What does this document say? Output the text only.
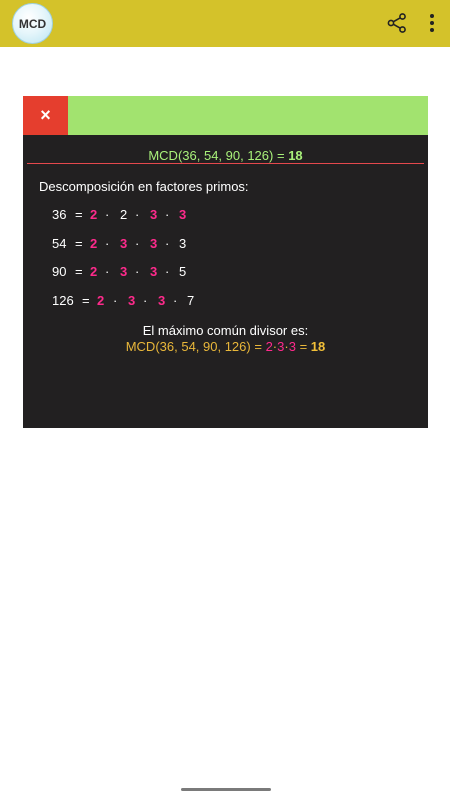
MCD
×
MCD(36, 54, 90, 126) = 18
Descomposición en factores primos:
36 = 2 · 2 · 3 · 3
54 = 2 · 3 · 3 · 3
90 = 2 · 3 · 3 · 5
126 = 2 · 3 · 3 · 7
El máximo común divisor es:
MCD(36, 54, 90, 126) = 2·3·3 = 18
